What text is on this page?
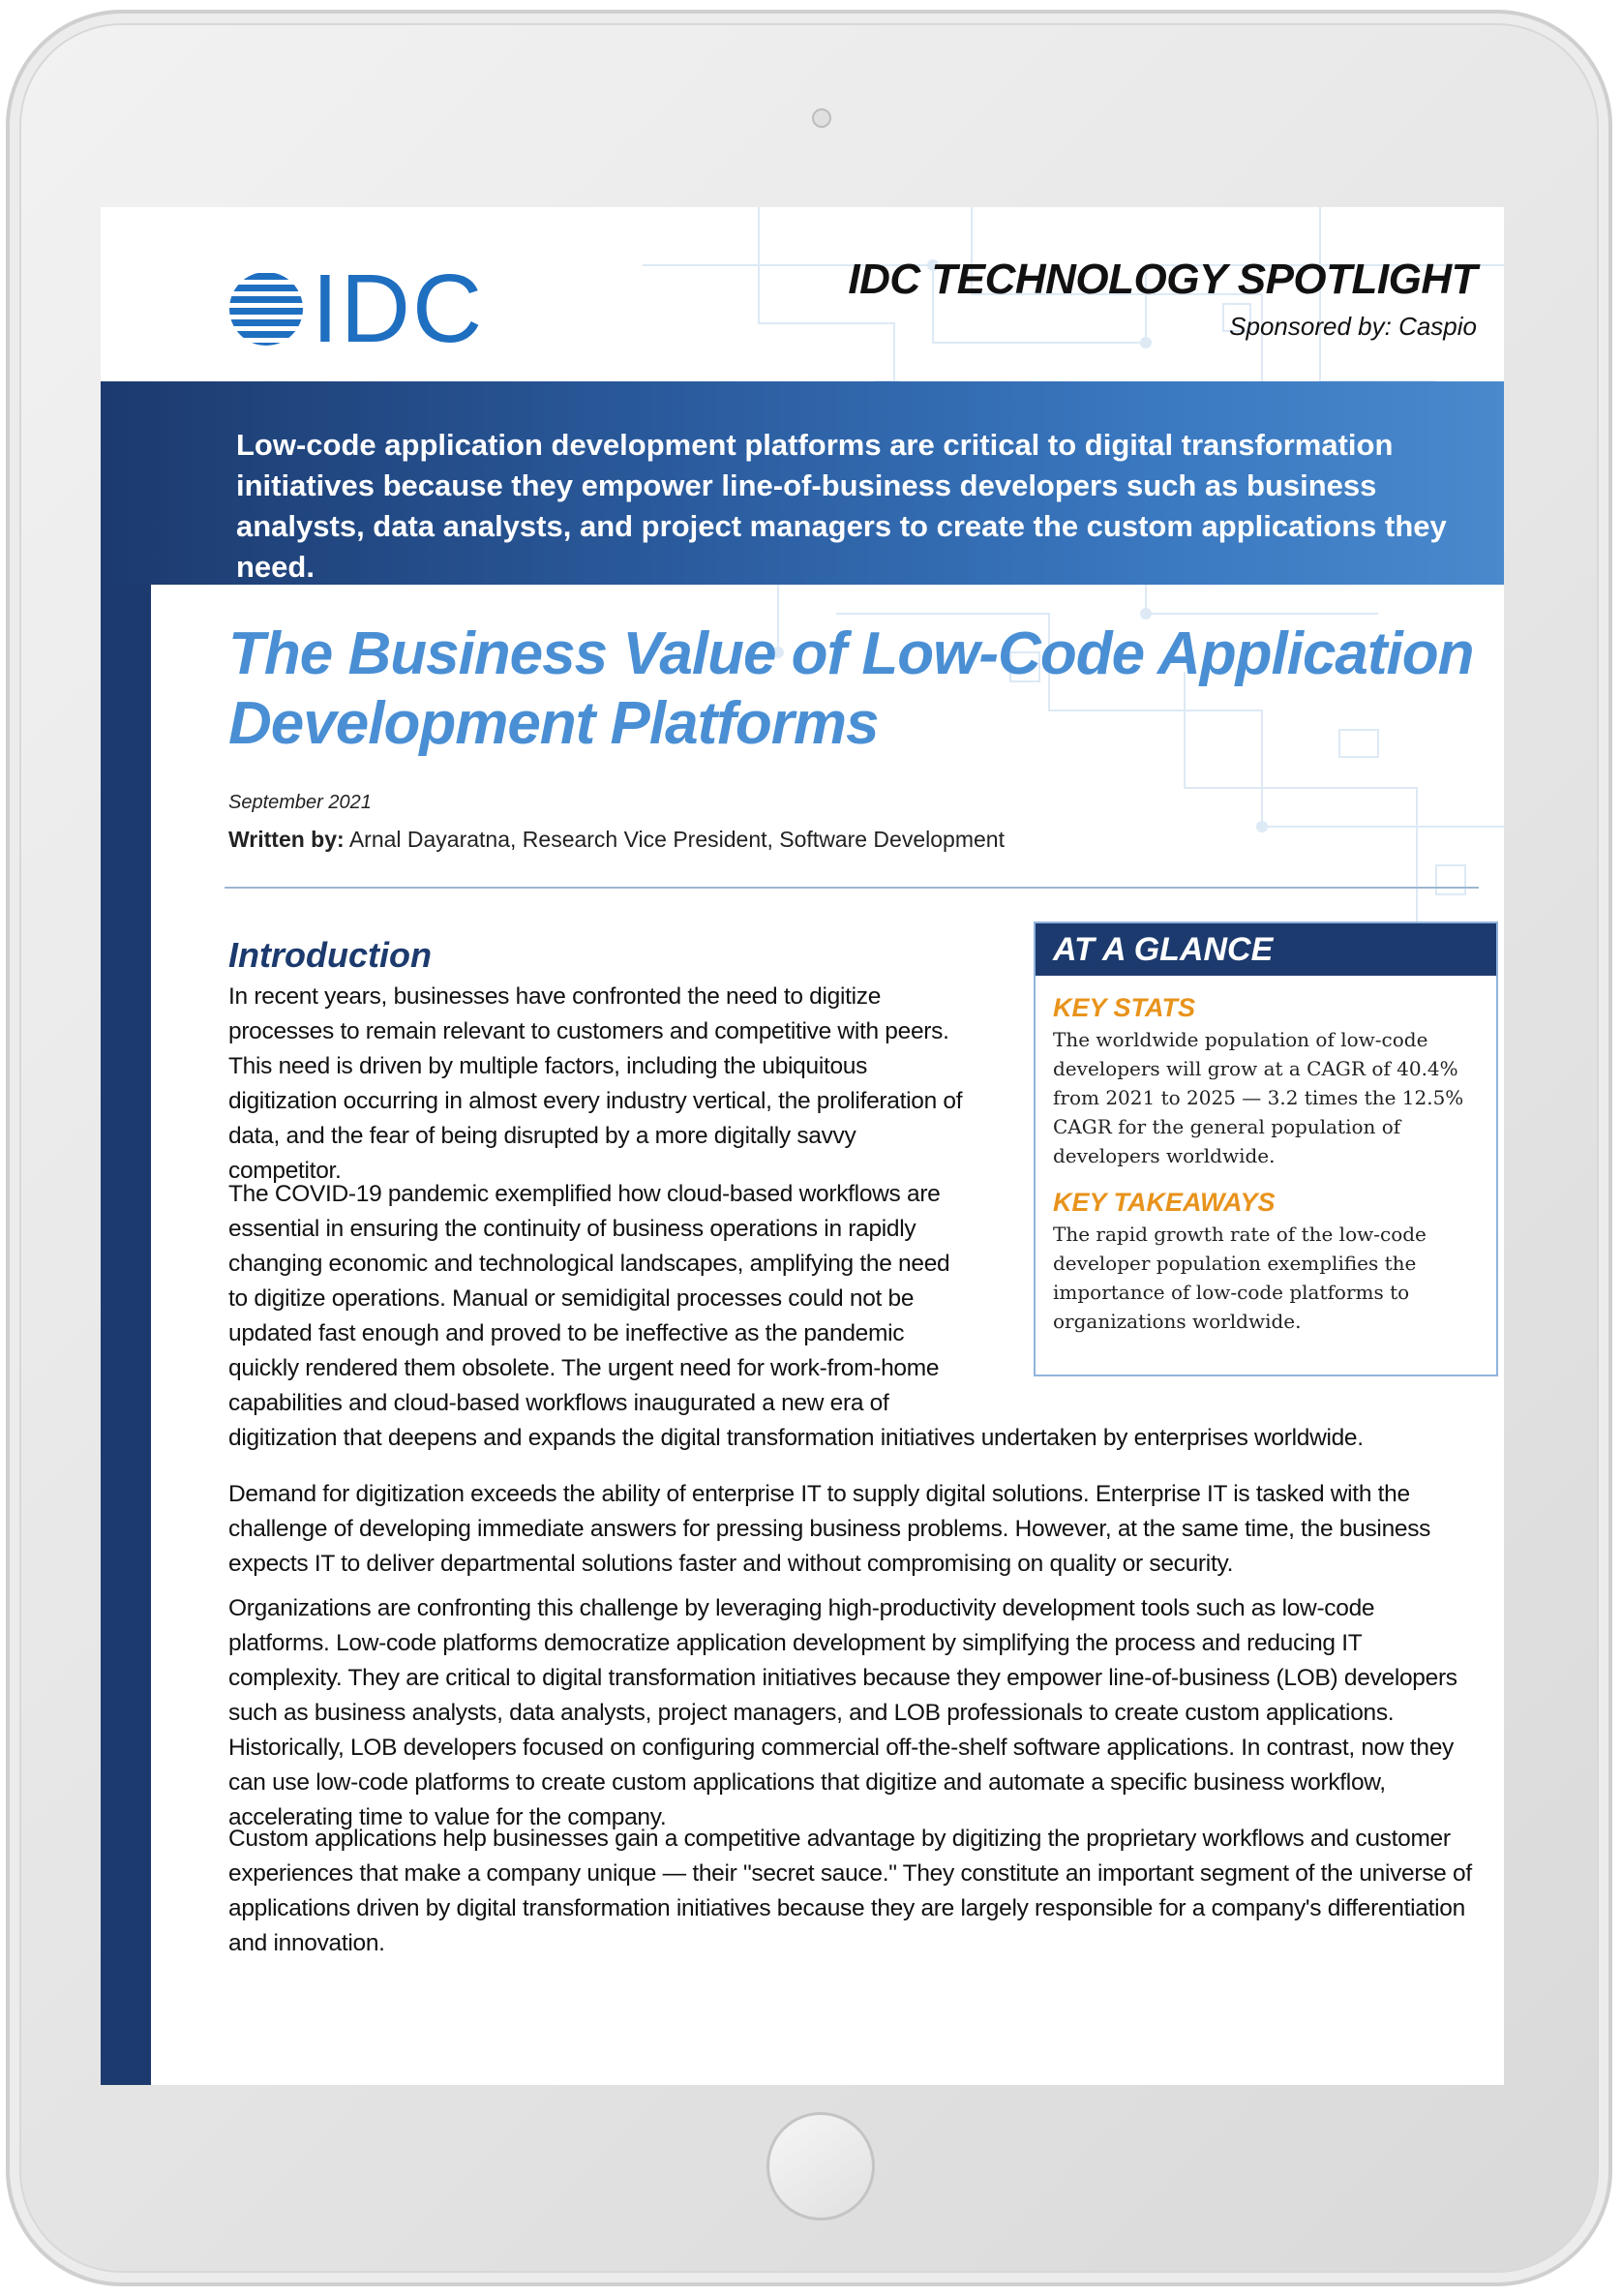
IDC	IDC TECHNOLOGY SPOTLIGHT
Sponsored by: Caspio
Low-code application development platforms are critical to digital transformation initiatives because they empower line-of-business developers such as business analysts, data analysts, and project managers to create the custom applications they need.
The Business Value of Low-Code Application Development Platforms
September 2021
Written by: Arnal Dayaratna, Research Vice President, Software Development
Introduction
In recent years, businesses have confronted the need to digitize processes to remain relevant to customers and competitive with peers. This need is driven by multiple factors, including the ubiquitous digitization occurring in almost every industry vertical, the proliferation of data, and the fear of being disrupted by a more digitally savvy competitor.
The COVID-19 pandemic exemplified how cloud-based workflows are essential in ensuring the continuity of business operations in rapidly changing economic and technological landscapes, amplifying the need to digitize operations. Manual or semidigital processes could not be updated fast enough and proved to be ineffective as the pandemic quickly rendered them obsolete. The urgent need for work-from-home capabilities and cloud-based workflows inaugurated a new era of digitization that deepens and expands the digital transformation initiatives undertaken by enterprises worldwide.
Demand for digitization exceeds the ability of enterprise IT to supply digital solutions. Enterprise IT is tasked with the challenge of developing immediate answers for pressing business problems. However, at the same time, the business expects IT to deliver departmental solutions faster and without compromising on quality or security.
Organizations are confronting this challenge by leveraging high-productivity development tools such as low-code platforms. Low-code platforms democratize application development by simplifying the process and reducing IT complexity. They are critical to digital transformation initiatives because they empower line-of-business (LOB) developers such as business analysts, data analysts, project managers, and LOB professionals to create custom applications. Historically, LOB developers focused on configuring commercial off-the-shelf software applications. In contrast, now they can use low-code platforms to create custom applications that digitize and automate a specific business workflow, accelerating time to value for the company.
Custom applications help businesses gain a competitive advantage by digitizing the proprietary workflows and customer experiences that make a company unique — their "secret sauce." They constitute an important segment of the universe of applications driven by digital transformation initiatives because they are largely responsible for a company's differentiation and innovation.
AT A GLANCE
KEY STATS
The worldwide population of low-code developers will grow at a CAGR of 40.4% from 2021 to 2025 — 3.2 times the 12.5% CAGR for the general population of developers worldwide.
KEY TAKEAWAYS
The rapid growth rate of the low-code developer population exemplifies the importance of low-code platforms to organizations worldwide.
